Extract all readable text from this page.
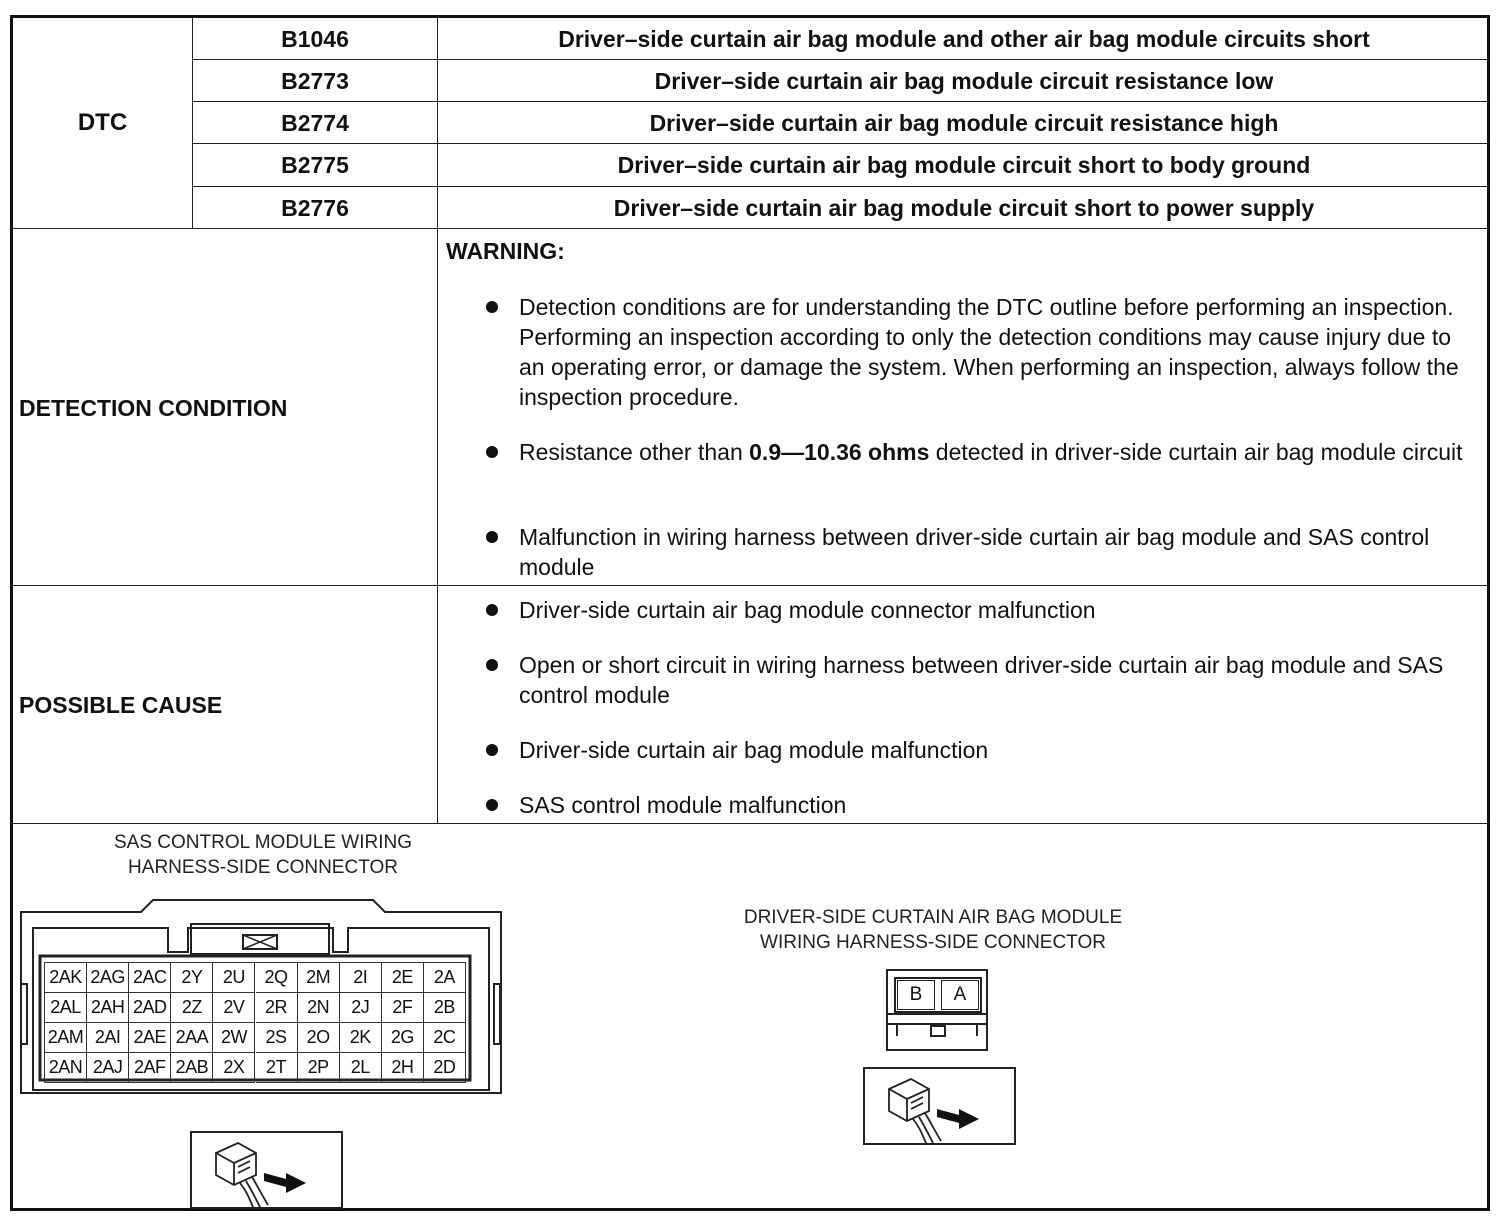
DTC
B1046	Driver–side curtain air bag module and other air bag module circuits short
B2773	Driver–side curtain air bag module circuit resistance low
B2774	Driver–side curtain air bag module circuit resistance high
B2775	Driver–side curtain air bag module circuit short to body ground
B2776	Driver–side curtain air bag module circuit short to power supply
DETECTION CONDITION
WARNING:
Detection conditions are for understanding the DTC outline before performing an inspection. Performing an inspection according to only the detection conditions may cause injury due to an operating error, or damage the system. When performing an inspection, always follow the inspection procedure.
Resistance other than 0.9—10.36 ohms detected in driver-side curtain air bag module circuit
Malfunction in wiring harness between driver-side curtain air bag module and SAS control module
POSSIBLE CAUSE
Driver-side curtain air bag module connector malfunction
Open or short circuit in wiring harness between driver-side curtain air bag module and SAS control module
Driver-side curtain air bag module malfunction
SAS control module malfunction
SAS CONTROL MODULE WIRING
HARNESS-SIDE CONNECTOR
2AK 2AG 2AC 2Y	2U	2Q	2M	2I	2E	2A
2AL 2AH 2AD 2Z	2V	2R	2N	2J	2F	2B
2AM 2AI 2AE 2AA 2W	2S	2O	2K	2G	2C
2AN 2AJ 2AF 2AB 2X	2T	2P	2L	2H	2D
DRIVER-SIDE CURTAIN AIR BAG MODULE
WIRING HARNESS-SIDE CONNECTOR
B	A
